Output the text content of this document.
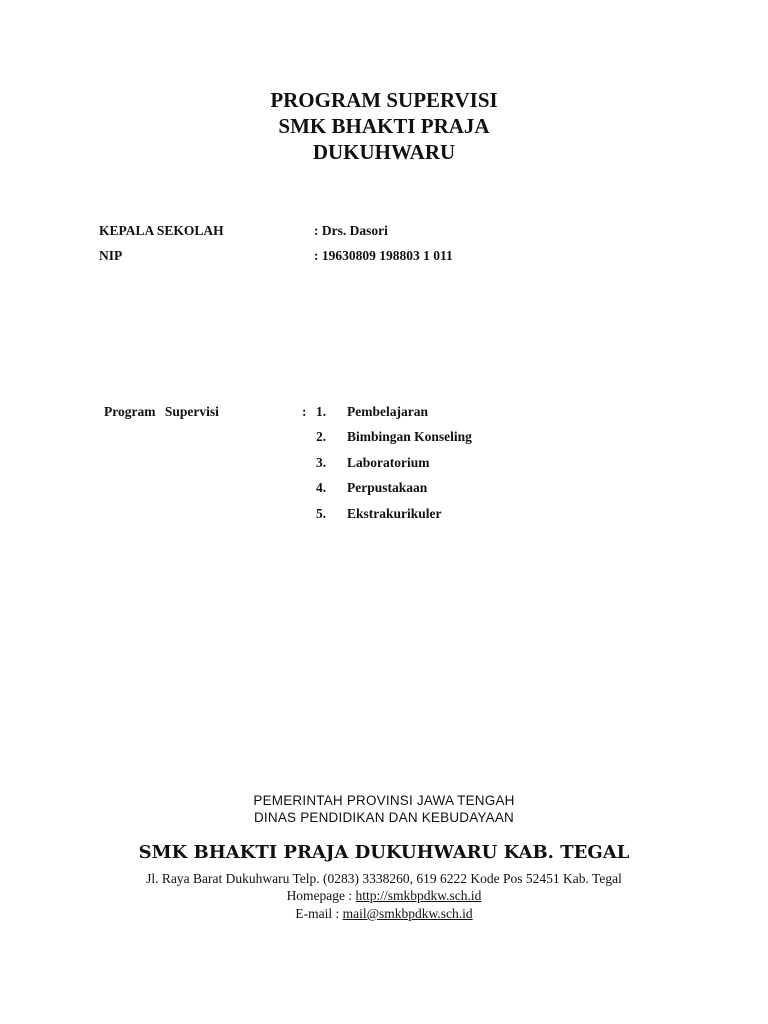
PROGRAM SUPERVISI
SMK BHAKTI PRAJA
DUKUHWARU
KEPALA SEKOLAH	: Drs. Dasori
NIP	: 19630809 198803 1 011
Program Supervisi	: 1. Pembelajaran
2. Bimbingan Konseling
3. Laboratorium
4. Perpustakaan
5. Ekstrakurikuler
PEMERINTAH PROVINSI JAWA TENGAH
DINAS PENDIDIKAN DAN KEBUDAYAAN
SMK BHAKTI PRAJA DUKUHWARU KAB. TEGAL
Jl. Raya Barat Dukuhwaru Telp. (0283) 3338260, 619 6222 Kode Pos 52451 Kab. Tegal
Homepage : http://smkbpdkw.sch.id
E-mail : mail@smkbpdkw.sch.id
